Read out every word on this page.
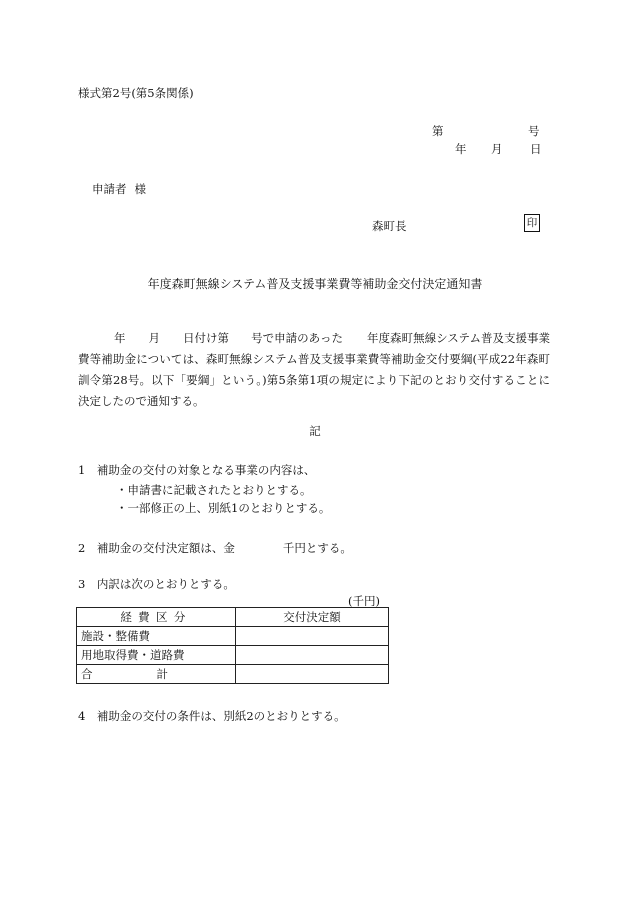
様式第2号(第5条関係)
第	号
年 月 日
申請者 様
森町長	印
年度森町無線システム普及支援事業費等補助金交付決定通知書
年 月 日付け第 号で申請のあった 年度森町無線システム普及支援事業費等補助金については、森町無線システム普及支援事業費等補助金交付要綱(平成22年森町訓令第28号。以下「要綱」という。)第5条第1項の規定により下記のとおり交付することに決定したので通知する。
記
1　補助金の交付の対象となる事業の内容は、
・申請書に記載されたとおりとする。
・一部修正の上、別紙1のとおりとする。
2　補助金の交付決定額は、金	千円とする。
3　内訳は次のとおりとする。
(千円)
経費区分	交付決定額
施設・整備費	
用地取得費・道路費	
合 計	
4　補助金の交付の条件は、別紙2のとおりとする。
